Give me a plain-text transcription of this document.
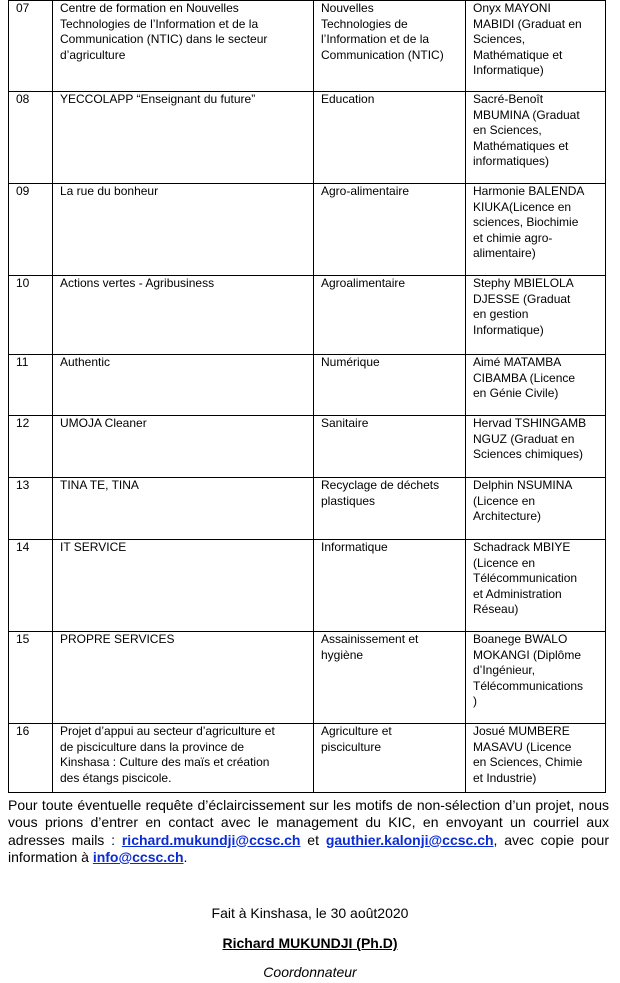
07	Centre de formation en Nouvelles
Technologies de l’Information et de la
Communication (NTIC) dans le secteur
d’agriculture	Nouvelles
Technologies de
l’Information et de la
Communication (NTIC)	Onyx MAYONI
MABIDI (Graduat en
Sciences,
Mathématique et
Informatique)

08	YECCOLAPP “Enseignant du future”	Education	Sacré-Benoît
MBUMINA (Graduat
en Sciences,
Mathématiques et
informatiques)

09	La rue du bonheur	Agro-alimentaire	Harmonie BALENDA
KIUKA(Licence en
sciences, Biochimie
et chimie agro-
alimentaire)

10	Actions vertes - Agribusiness	Agroalimentaire	Stephy MBIELOLA
DJESSE (Graduat
en gestion
Informatique)

11	Authentic	Numérique	Aimé MATAMBA
CIBAMBA (Licence
en Génie Civile)

12	UMOJA Cleaner	Sanitaire	Hervad TSHINGAMB
NGUZ (Graduat en
Sciences chimiques)

13	TINA TE, TINA	Recyclage de déchets
plastiques	Delphin NSUMINA
(Licence en
Architecture)

14	IT SERVICE	Informatique	Schadrack MBIYE
(Licence en
Télécommunication
et Administration
Réseau)

15	PROPRE SERVICES	Assainissement et
hygiène	Boanege BWALO
MOKANGI (Diplôme
d’Ingénieur,
Télécommunications
)

16	Projet d’appui au secteur d’agriculture et
de pisciculture dans la province de
Kinshasa : Culture des maïs et création
des étangs piscicole.	Agriculture et
pisciculture	Josué MUMBERE
MASAVU (Licence
en Sciences, Chimie
et Industrie)

Pour toute éventuelle requête d’éclaircissement sur les motifs de non-sélection d’un projet, nous vous prions d’entrer en contact avec le management du KIC, en envoyant un courriel aux adresses mails : richard.mukundji@ccsc.ch et gauthier.kalonji@ccsc.ch, avec copie pour information à info@ccsc.ch.

Fait à Kinshasa, le 30 août2020

Richard MUKUNDJI (Ph.D)

Coordonnateur
